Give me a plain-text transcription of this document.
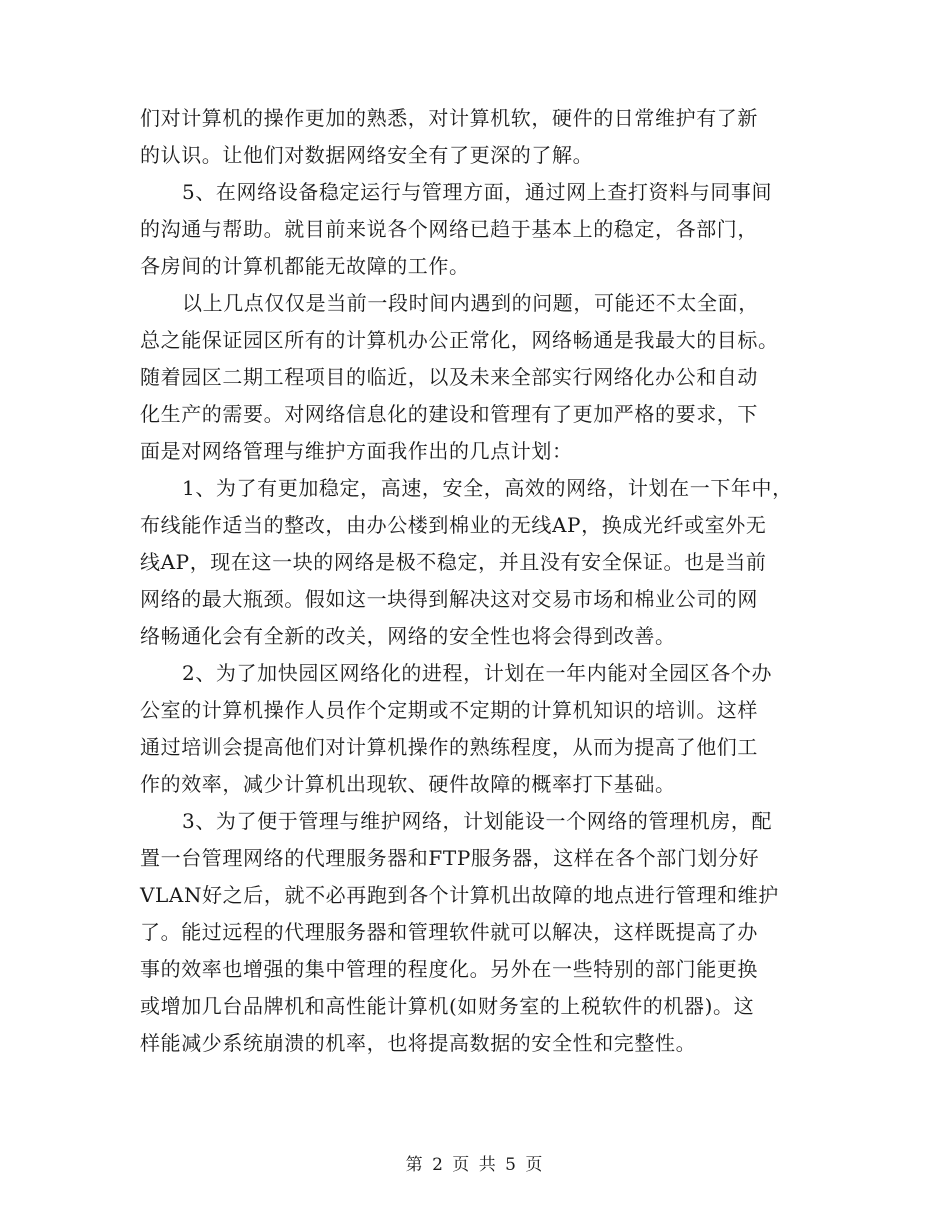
们对计算机的操作更加的熟悉，对计算机软，硬件的日常维护有了新
的认识。让他们对数据网络安全有了更深的了解。
5、在网络设备稳定运行与管理方面，通过网上查打资料与同事间
的沟通与帮助。就目前来说各个网络已趋于基本上的稳定，各部门，
各房间的计算机都能无故障的工作。
以上几点仅仅是当前一段时间内遇到的问题，可能还不太全面，
总之能保证园区所有的计算机办公正常化，网络畅通是我最大的目标。
随着园区二期工程项目的临近，以及未来全部实行网络化办公和自动
化生产的需要。对网络信息化的建设和管理有了更加严格的要求，下
面是对网络管理与维护方面我作出的几点计划：
1、为了有更加稳定，高速，安全，高效的网络，计划在一下年中，
布线能作适当的整改，由办公楼到棉业的无线AP，换成光纤或室外无
线AP，现在这一块的网络是极不稳定，并且没有安全保证。也是当前
网络的最大瓶颈。假如这一块得到解决这对交易市场和棉业公司的网
络畅通化会有全新的改关，网络的安全性也将会得到改善。
2、为了加快园区网络化的进程，计划在一年内能对全园区各个办
公室的计算机操作人员作个定期或不定期的计算机知识的培训。这样
通过培训会提高他们对计算机操作的熟练程度，从而为提高了他们工
作的效率，减少计算机出现软、硬件故障的概率打下基础。
3、为了便于管理与维护网络，计划能设一个网络的管理机房，配
置一台管理网络的代理服务器和FTP服务器，这样在各个部门划分好
VLAN好之后，就不必再跑到各个计算机出故障的地点进行管理和维护
了。能过远程的代理服务器和管理软件就可以解决，这样既提高了办
事的效率也增强的集中管理的程度化。另外在一些特别的部门能更换
或增加几台品牌机和高性能计算机(如财务室的上税软件的机器)。这
样能减少系统崩溃的机率，也将提高数据的安全性和完整性。
第 2 页 共 5 页
